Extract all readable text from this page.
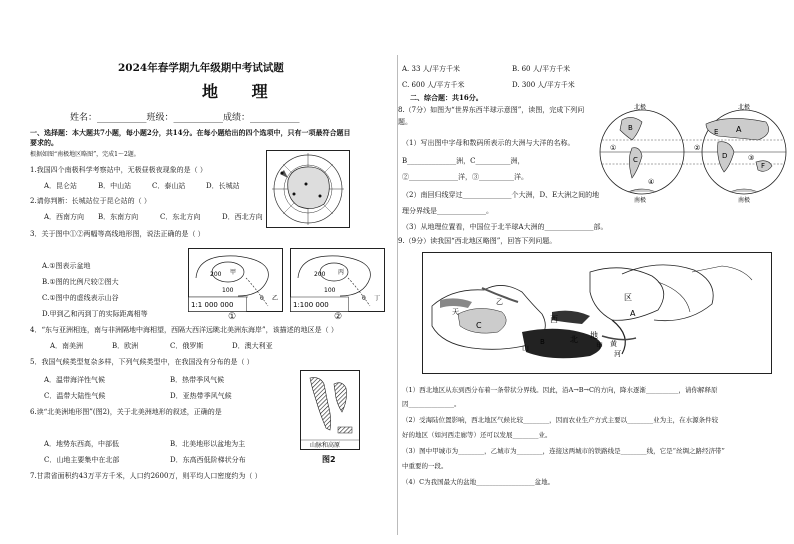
2024年春学期九年级期中考试试题
地 理
姓名：___________班级：___________成绩：___________
一、选择题：本大题共7小题，每小题2分，共14分。在每小题给出的四个选项中，只有一项最符合题目
要求的。
根据如图“南极地区略图”，完成1～2题。
1.我国四个南极科学考察站中，无极昼极夜现象的是（ ）
A．昆仑站	B．中山站	C．泰山站	D．长城站
2.请你判断：长城站位于昆仑站的（ ）
A．西南方向 B．东南方向	C．东北方向	D．西北方向
3．关于图中①②两幅等高线地形图，说法正确的是（ ）
A.①图表示盆地
B.①图的比例尺较②图大
C.①图中的虚线表示山谷
D.甲到乙和丙到丁的实际距离相等
200
100
0
甲
乙
1:1 000 000
①
200
100
0
丙
丁
1:100 000
②
4．“东与亚洲相连，南与非洲隔地中海相望，西隔大西洋远眺北美洲东海岸”，该描述的地区是（ ）
A．南美洲	B．欧洲	C．俄罗斯	D．澳大利亚
5．我国气候类型复杂多样，下列气候类型中，在我国没有分布的是（ ）
A．温带海洋性气候	B．热带季风气候
C．温带大陆性气候	D．亚热带季风气候
山脉和高原
图2
6.读“北美洲地形图”(图2)，关于北美洲地形的叙述，正确的是
A．地势东西高，中部低	B．北美地形以盆地为主
C．山地主要集中在北部	D．东高西低阶梯状分布
7.甘肃省面积约43万平方千米，人口约2600万，则平均人口密度约为（ ）
A. 33 人/平方千米	B. 60 人/平方千米
C. 600 人/平方千米	D. 300 人/平方千米
二、综合题：共16分。
8.（7分）如图为“世界东西半球示意图”，读图，完成下列问
题。
（1）写出图中字母和数码所表示的大洲与大洋的名称。
B______________洲，C__________洲，
②______________洋，③__________洋。
（2）南回归线穿过______________个大洲，D、E大洲之间的地
理分界线是______________。
（3）从地理位置看，中国位于北半球A大洲的______________部。
北极	北极
南极	南极
A
B
C	D
E
F
①	②
③
④
9.（9分）读我国“西北地区略图”，回答下列问题。
A
B
C
乙
甲
北
西
地
区
天
山	黄
河
（1）西北地区从东到西分布着一条带状分界线。因此，沿A→B→C的方向，降水逐渐__________，请你解释原
因______________。
（2）受海陆位置影响，西北地区气候比较________，因而农业生产方式主要以________业为主，在水源条件较
好的地区（如河西走廊等）还可以发展________业。
（3）图中甲城市为________，乙城市为________，连接这两城市的铁路线是________线，它是“丝绸之路经济带”
中重要的一段。
（4）C为我国最大的盆地__________________盆地。
